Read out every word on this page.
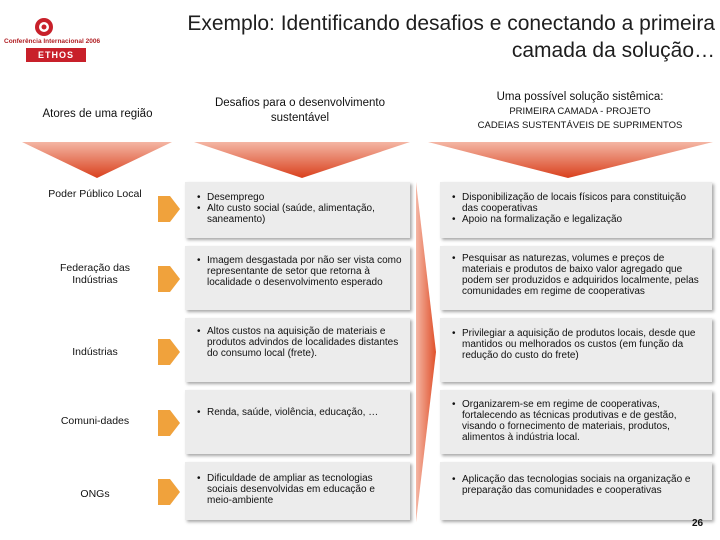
Conferência Internacional 2006
ETHOS
Exemplo: Identificando desafios e conectando a primeira
camada da solução…
Atores de uma região
Desafios para o desenvolvimento
sustentável
Uma possível solução sistêmica:
PRIMEIRA CAMADA - PROJETO
CADEIAS SUSTENTÁVEIS DE SUPRIMENTOS
Poder Público Local
•	Desemprego
• Alto custo social (saúde, alimentação, saneamento)
• Disponibilização de locais físicos para constituição das cooperativas
• Apoio na formalização e legalização
Federação das Indústrias
• Imagem desgastada por não ser vista como representante de setor que retorna à localidade o desenvolvimento esperado
• Pesquisar as naturezas, volumes e preços de materiais e produtos de baixo valor agregado que podem ser produzidos e adquiridos localmente, pelas comunidades em regime de cooperativas
Indústrias
• Altos custos na aquisição de materiais e produtos advindos de localidades distantes do consumo local (frete).
• Privilegiar a aquisição de produtos locais, desde que mantidos ou melhorados os custos (em função da redução do custo do frete)
Comuni-dades
• Renda, saúde, violência, educação, …
• Organizarem-se em regime de cooperativas, fortalecendo as técnicas produtivas e de gestão, visando o fornecimento de materiais, produtos, alimentos à indústria local.
ONGs
• Dificuldade de ampliar as tecnologias sociais desenvolvidas em educação e meio-ambiente
• Aplicação das tecnologias sociais na organização e preparação das comunidades e cooperativas
26
